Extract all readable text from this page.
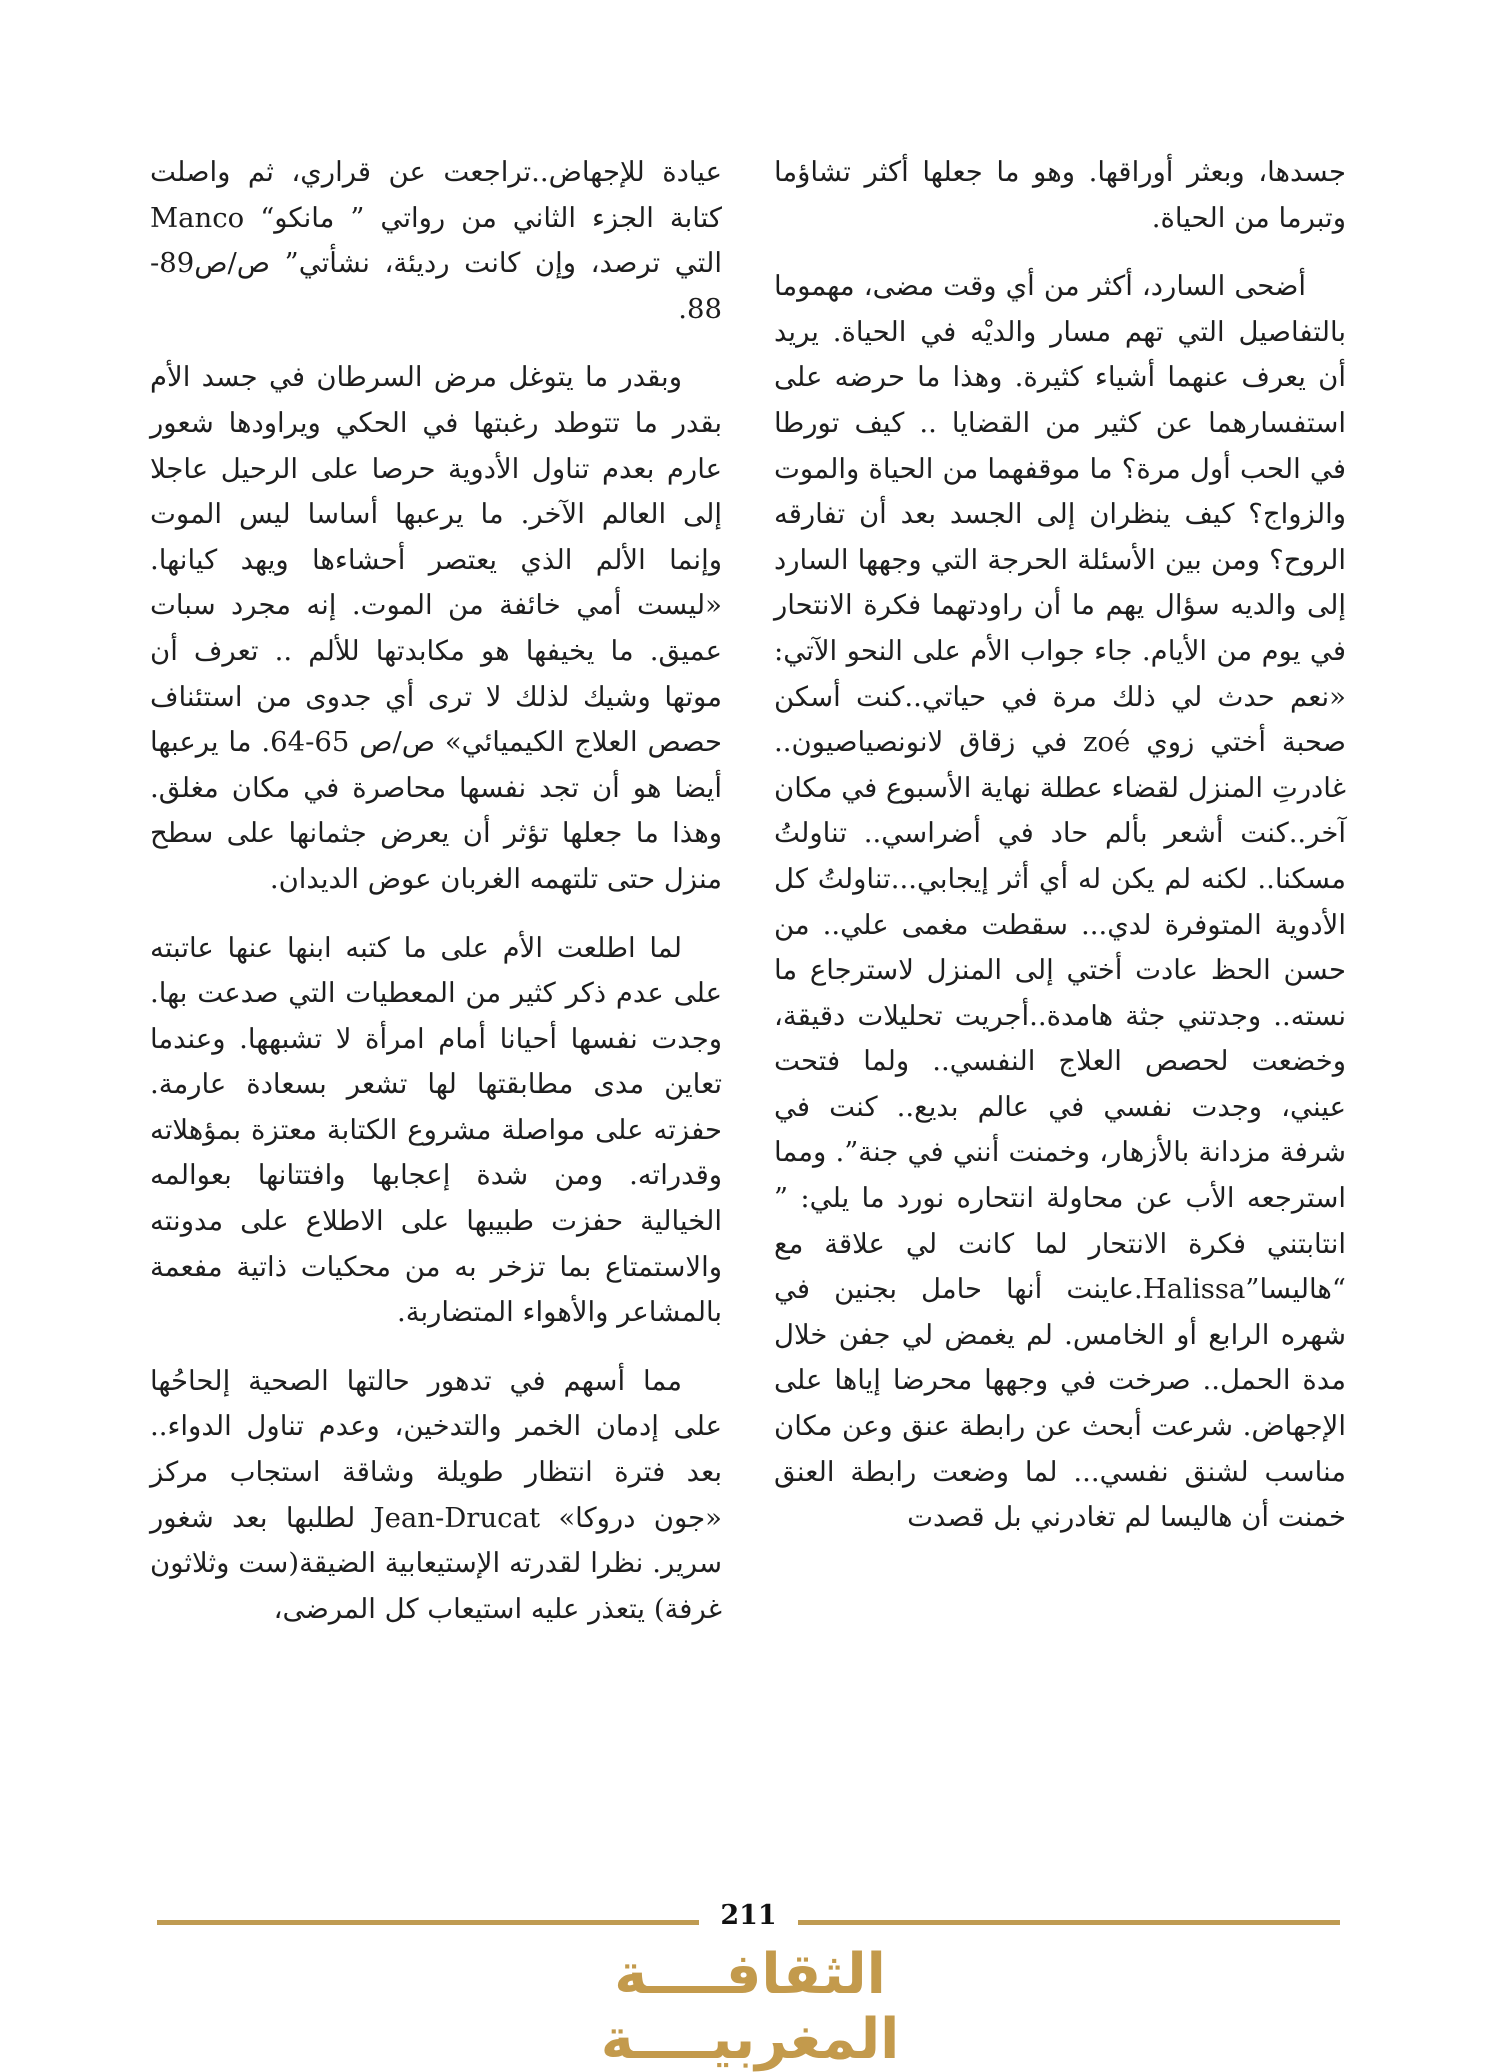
جسدها، وبعثر أوراقها. وهو ما جعلها أكثر تشاؤما وتبرما من الحياة.

أضحى السارد، أكثر من أي وقت مضى، مهموما بالتفاصيل التي تهم مسار والديْه في الحياة. يريد أن يعرف عنهما أشياء كثيرة. وهذا ما حرضه على استفسارهما عن كثير من القضايا .. كيف تورطا في الحب أول مرة؟ ما موقفهما من الحياة والموت والزواج؟ كيف ينظران إلى الجسد بعد أن تفارقه الروح؟ ومن بين الأسئلة الحرجة التي وجهها السارد إلى والديه سؤال يهم ما أن راودتهما فكرة الانتحار في يوم من الأيام. جاء جواب الأم على النحو الآتي: «نعم حدث لي ذلك مرة في حياتي..كنت أسكن صحبة أختي زوي zoé في زقاق لانونصياصيون.. غادرتِ المنزل لقضاء عطلة نهاية الأسبوع في مكان آخر..كنت أشعر بألم حاد في أضراسي.. تناولتُ مسكنا.. لكنه لم يكن له أي أثر إيجابي...تناولتُ كل الأدوية المتوفرة لدي... سقطت مغمى علي.. من حسن الحظ عادت أختي إلى المنزل لاسترجاع ما نسته.. وجدتني جثة هامدة..أجريت تحليلات دقيقة، وخضعت لحصص العلاج النفسي.. ولما فتحت عيني، وجدت نفسي في عالم بديع.. كنت في شرفة مزدانة بالأزهار، وخمنت أنني في جنة”. ومما استرجعه الأب عن محاولة انتحاره نورد ما يلي: ” انتابتني فكرة الانتحار لما كانت لي علاقة مع “هاليسا”Halissa.عاينت أنها حامل بجنين في شهره الرابع أو الخامس. لم يغمض لي جفن خلال مدة الحمل.. صرخت في وجهها محرضا إياها على الإجهاض. شرعت أبحث عن رابطة عنق وعن مكان مناسب لشنق نفسي... لما وضعت رابطة العنق خمنت أن هاليسا لم تغادرني بل قصدت

عيادة للإجهاض..تراجعت عن قراري، ثم واصلت كتابة الجزء الثاني من رواتي ” مانكو“ Manco التي ترصد، وإن كانت رديئة، نشأتي” ص/ص89-88.

وبقدر ما يتوغل مرض السرطان في جسد الأم بقدر ما تتوطد رغبتها في الحكي ويراودها شعور عارم بعدم تناول الأدوية حرصا على الرحيل عاجلا إلى العالم الآخر. ما يرعبها أساسا ليس الموت وإنما الألم الذي يعتصر أحشاءها ويهد كيانها. «ليست أمي خائفة من الموت. إنه مجرد سبات عميق. ما يخيفها هو مكابدتها للألم .. تعرف أن موتها وشيك لذلك لا ترى أي جدوى من استئناف حصص العلاج الكيميائي» ص/ص 65-64. ما يرعبها أيضا هو أن تجد نفسها محاصرة في مكان مغلق. وهذا ما جعلها تؤثر أن يعرض جثمانها على سطح منزل حتى تلتهمه الغربان عوض الديدان.

لما اطلعت الأم على ما كتبه ابنها عنها عاتبته على عدم ذكر كثير من المعطيات التي صدعت بها. وجدت نفسها أحيانا أمام امرأة لا تشبهها. وعندما تعاين مدى مطابقتها لها تشعر بسعادة عارمة. حفزته على مواصلة مشروع الكتابة معتزة بمؤهلاته وقدراته. ومن شدة إعجابها وافتتانها بعوالمه الخيالية حفزت طبيبها على الاطلاع على مدونته والاستمتاع بما تزخر به من محكيات ذاتية مفعمة بالمشاعر والأهواء المتضاربة.

مما أسهم في تدهور حالتها الصحية إلحاحُها على إدمان الخمر والتدخين، وعدم تناول الدواء.. بعد فترة انتظار طويلة وشاقة استجاب مركز «جون دروكا» Jean-Drucat لطلبها بعد شغور سرير. نظرا لقدرته الإستيعابية الضيقة(ست وثلاثون غرفة) يتعذر عليه استيعاب كل المرضى،

211
الثقافــــة المغربيــــة
